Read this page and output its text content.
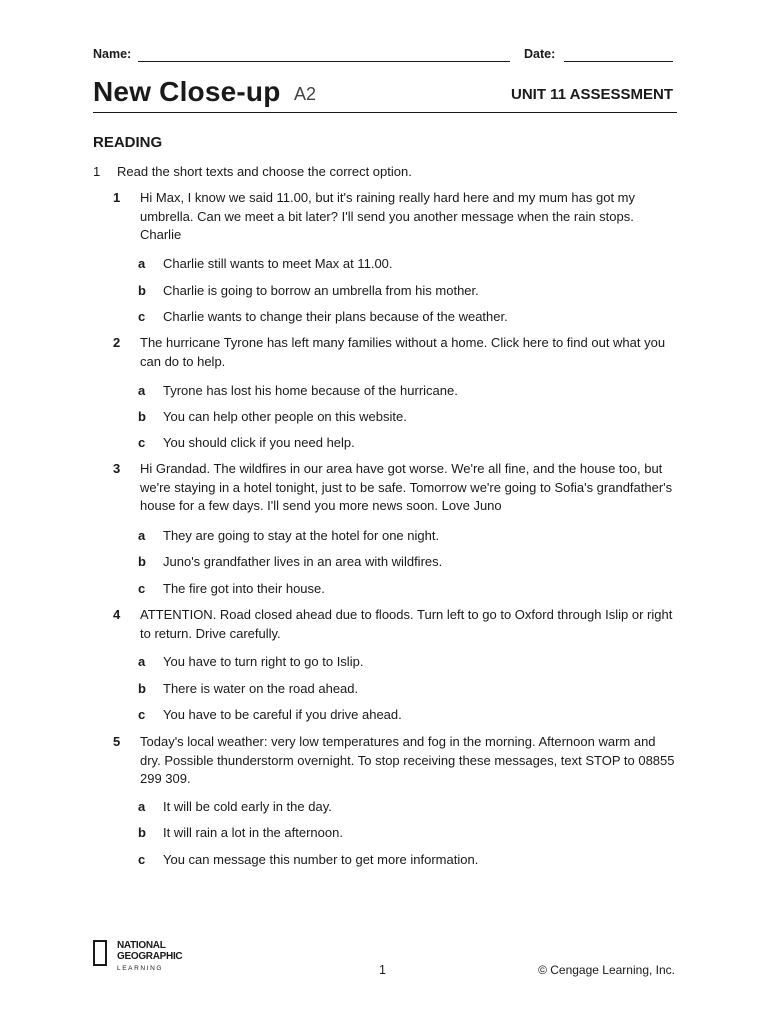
Name:	Date:
New Close-up A2	UNIT 11 ASSESSMENT
READING
1 Read the short texts and choose the correct option.
1	Hi Max, I know we said 11.00, but it's raining really hard here and my mum has got my umbrella. Can we meet a bit later? I'll send you another message when the rain stops. Charlie
a	Charlie still wants to meet Max at 11.00.
b	Charlie is going to borrow an umbrella from his mother.
c	Charlie wants to change their plans because of the weather.
2	The hurricane Tyrone has left many families without a home. Click here to find out what you can do to help.
a	Tyrone has lost his home because of the hurricane.
b	You can help other people on this website.
c	You should click if you need help.
3	Hi Grandad. The wildfires in our area have got worse. We're all fine, and the house too, but we're staying in a hotel tonight, just to be safe. Tomorrow we're going to Sofia's grandfather's house for a few days. I'll send you more news soon. Love Juno
a	They are going to stay at the hotel for one night.
b	Juno's grandfather lives in an area with wildfires.
c	The fire got into their house.
4	ATTENTION. Road closed ahead due to floods. Turn left to go to Oxford through Islip or right to return. Drive carefully.
a	You have to turn right to go to Islip.
b	There is water on the road ahead.
c	You have to be careful if you drive ahead.
5	Today's local weather: very low temperatures and fog in the morning. Afternoon warm and dry. Possible thunderstorm overnight. To stop receiving these messages, text STOP to 08855 299 309.
a	It will be cold early in the day.
b	It will rain a lot in the afternoon.
c	You can message this number to get more information.
NATIONAL
GEOGRAPHIC
LEARNING	1	© Cengage Learning, Inc.
